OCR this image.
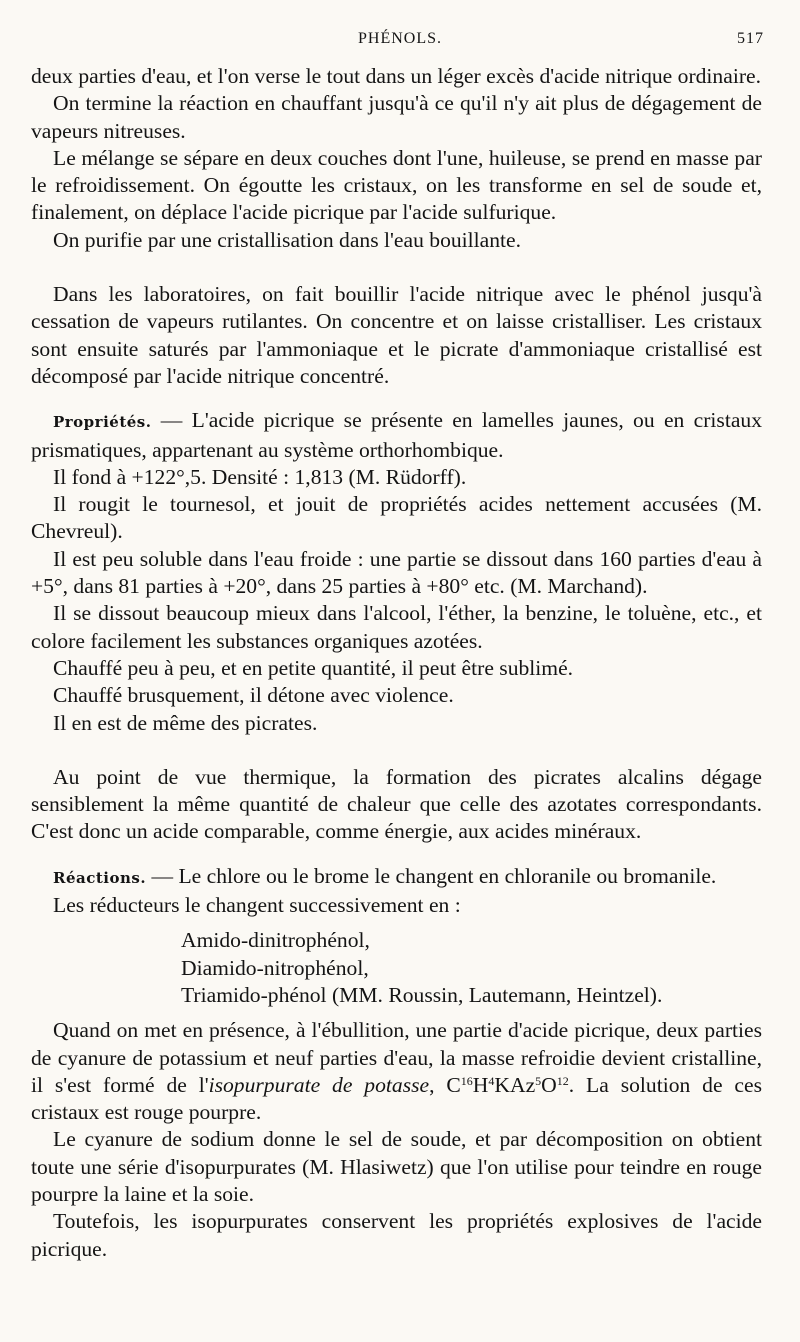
PHÉNOLS.	517

deux parties d'eau, et l'on verse le tout dans un léger excès d'acide nitrique ordinaire.

On termine la réaction en chauffant jusqu'à ce qu'il n'y ait plus de dégagement de vapeurs nitreuses.

Le mélange se sépare en deux couches dont l'une, huileuse, se prend en masse par le refroidissement. On égoutte les cristaux, on les transforme en sel de soude et, finalement, on déplace l'acide picrique par l'acide sulfurique.

On purifie par une cristallisation dans l'eau bouillante.

Dans les laboratoires, on fait bouillir l'acide nitrique avec le phénol jusqu'à cessation de vapeurs rutilantes. On concentre et on laisse cristalliser. Les cristaux sont ensuite saturés par l'ammoniaque et le picrate d'ammoniaque cristallisé est décomposé par l'acide nitrique concentré.

Propriétés. — L'acide picrique se présente en lamelles jaunes, ou en cristaux prismatiques, appartenant au système orthorhombique.

Il fond à +122°,5. Densité : 1,813 (M. Rüdorff).

Il rougit le tournesol, et jouit de propriétés acides nettement accusées (M. Chevreul).

Il est peu soluble dans l'eau froide : une partie se dissout dans 160 parties d'eau à +5°, dans 81 parties à +20°, dans 25 parties à +80° etc. (M. Marchand).

Il se dissout beaucoup mieux dans l'alcool, l'éther, la benzine, le toluène, etc., et colore facilement les substances organiques azotées.

Chauffé peu à peu, et en petite quantité, il peut être sublimé.

Chauffé brusquement, il détone avec violence.

Il en est de même des picrates.

Au point de vue thermique, la formation des picrates alcalins dégage sensiblement la même quantité de chaleur que celle des azotates correspondants. C'est donc un acide comparable, comme énergie, aux acides minéraux.

Réactions. — Le chlore ou le brome le changent en chloranile ou bromanile.

Les réducteurs le changent successivement en :

Amido-dinitrophénol,
Diamido-nitrophénol,
Triamido-phénol (MM. Roussin, Lautemann, Heintzel).

Quand on met en présence, à l'ébullition, une partie d'acide picrique, deux parties de cyanure de potassium et neuf parties d'eau, la masse refroidie devient cristalline, il s'est formé de l'isopurpurate de potasse, $C^{16}H^4KAz^5O^{12}$. La solution de ces cristaux est rouge pourpre.

Le cyanure de sodium donne le sel de soude, et par décomposition on obtient toute une série d'isopurpurates (M. Hlasiwetz) que l'on utilise pour teindre en rouge pourpre la laine et la soie.

Toutefois, les isopurpurates conservent les propriétés explosives de l'acide picrique.
